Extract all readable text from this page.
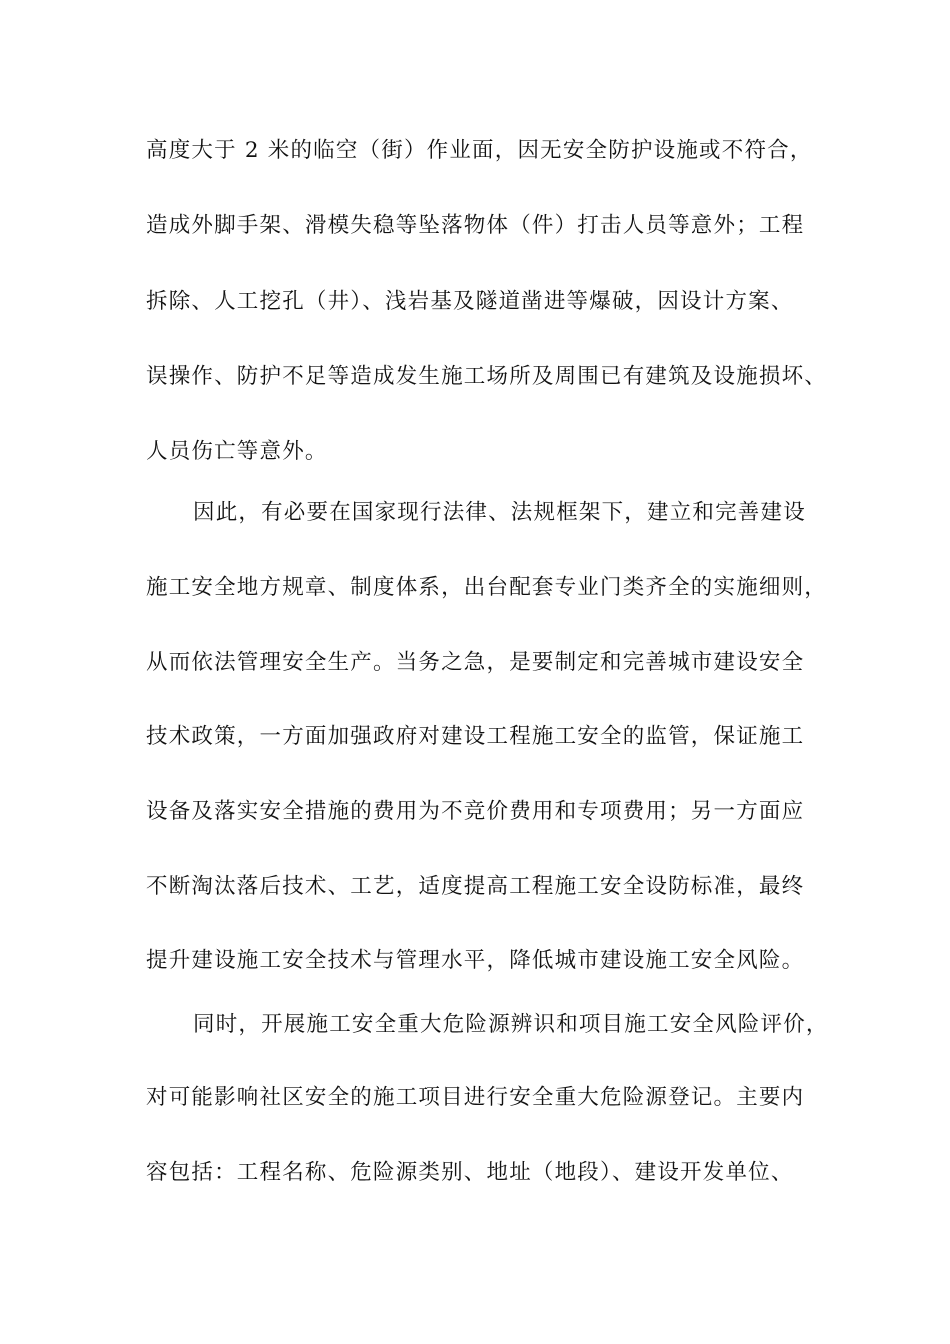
高度大于 2 米的临空（街）作业面，因无安全防护设施或不符合，
造成外脚手架、滑模失稳等坠落物体（件）打击人员等意外；工程
拆除、人工挖孔（井）、浅岩基及隧道凿进等爆破，因设计方案、
误操作、防护不足等造成发生施工场所及周围已有建筑及设施损坏、
人员伤亡等意外。
因此，有必要在国家现行法律、法规框架下，建立和完善建设
施工安全地方规章、制度体系，出台配套专业门类齐全的实施细则，
从而依法管理安全生产。当务之急，是要制定和完善城市建设安全
技术政策，一方面加强政府对建设工程施工安全的监管，保证施工
设备及落实安全措施的费用为不竞价费用和专项费用；另一方面应
不断淘汰落后技术、工艺，适度提高工程施工安全设防标准，最终
提升建设施工安全技术与管理水平，降低城市建设施工安全风险。
同时，开展施工安全重大危险源辨识和项目施工安全风险评价，
对可能影响社区安全的施工项目进行安全重大危险源登记。主要内
容包括：工程名称、危险源类别、地址（地段）、建设开发单位、
